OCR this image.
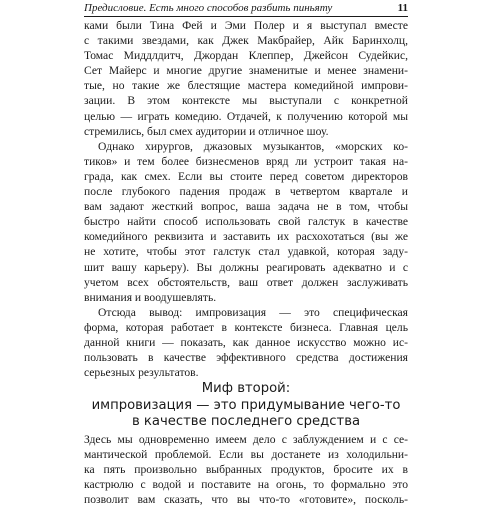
Предисловие. Есть много способов разбить пиньяту	11
ками были Тина Фей и Эми Полер и я выступал вместе
с такими звездами, как Джек Макбрайер, Айк Баринхолц,
Томас Миддлдитч, Джордан Клеппер, Джейсон Судейкис,
Сет Майерс и многие другие знаменитые и менее знамени-
тые, но такие же блестящие мастера комедийной импрови-
зации. В этом контексте мы выступали с конкретной
целью — играть комедию. Отдачей, к получению которой мы
стремились, был смех аудитории и отличное шоу.
Однако хирургов, джазовых музыкантов, «морских ко-
тиков» и тем более бизнесменов вряд ли устроит такая на-
града, как смех. Если вы стоите перед советом директоров
после глубокого падения продаж в четвертом квартале и
вам задают жесткий вопрос, ваша задача не в том, чтобы
быстро найти способ использовать свой галстук в качестве
комедийного реквизита и заставить их расхохотаться (вы же
не хотите, чтобы этот галстук стал удавкой, которая заду-
шит вашу карьеру). Вы должны реагировать адекватно и с
учетом всех обстоятельств, ваш ответ должен заслуживать
внимания и воодушевлять.
Отсюда вывод: импровизация — это специфическая
форма, которая работает в контексте бизнеса. Главная цель
данной книги — показать, как данное искусство можно ис-
пользовать в качестве эффективного средства достижения
серьезных результатов.
Миф второй:
импровизация — это придумывание чего-то
в качестве последнего средства
Здесь мы одновременно имеем дело с заблуждением и с се-
мантической проблемой. Если вы достанете из холодильни-
ка пять произвольно выбранных продуктов, бросите их в
кастрюлю с водой и поставите на огонь, то формально это
позволит вам сказать, что вы что-то «готовите», посколь-
